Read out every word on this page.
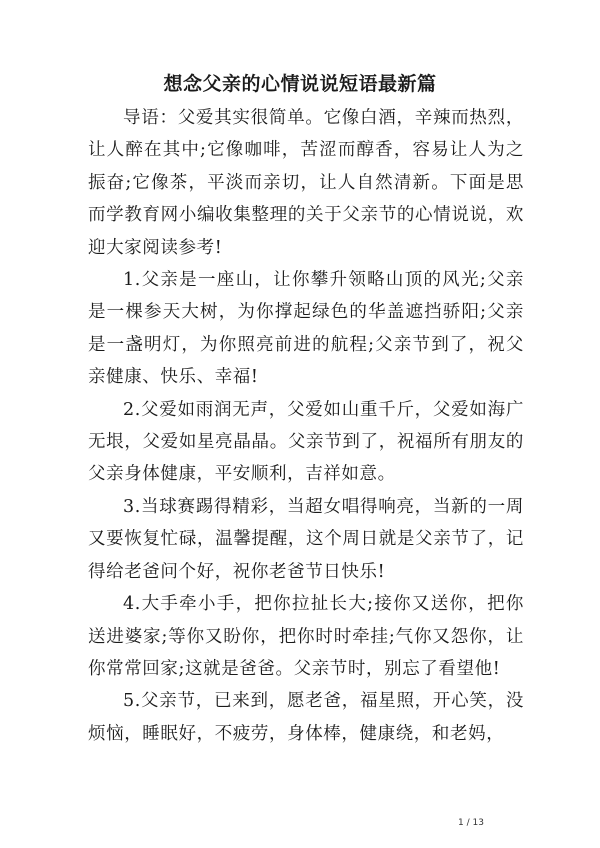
想念父亲的心情说说短语最新篇

导语：父爱其实很简单。它像白酒，辛辣而热烈，让人醉在其中;它像咖啡，苦涩而醇香，容易让人为之振奋;它像茶，平淡而亲切，让人自然清新。下面是思而学教育网小编收集整理的关于父亲节的心情说说，欢迎大家阅读参考!

1.父亲是一座山，让你攀升领略山顶的风光;父亲是一棵参天大树，为你撑起绿色的华盖遮挡骄阳;父亲是一盏明灯，为你照亮前进的航程;父亲节到了，祝父亲健康、快乐、幸福!

2.父爱如雨润无声，父爱如山重千斤，父爱如海广无垠，父爱如星亮晶晶。父亲节到了，祝福所有朋友的父亲身体健康，平安顺利，吉祥如意。

3.当球赛踢得精彩，当超女唱得响亮，当新的一周又要恢复忙碌，温馨提醒，这个周日就是父亲节了，记得给老爸问个好，祝你老爸节日快乐!

4.大手牵小手，把你拉扯长大;接你又送你，把你送进婆家;等你又盼你，把你时时牵挂;气你又怨你，让你常常回家;这就是爸爸。父亲节时，别忘了看望他!

5.父亲节，已来到，愿老爸，福星照，开心笑，没烦恼，睡眠好，不疲劳，身体棒，健康绕，和老妈，

1 / 13
